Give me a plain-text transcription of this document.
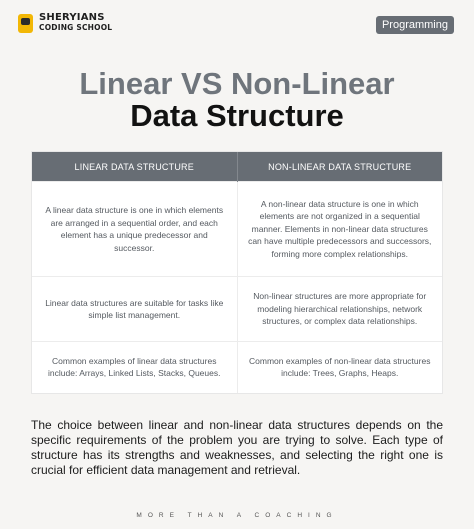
SHERYIANS
CODING SCHOOL	Programming
Linear VS Non-Linear
Data Structure
LINEAR DATA STRUCTURE	NON-LINEAR DATA STRUCTURE
A linear data structure is one in which elements are arranged in a sequential order, and each element has a unique predecessor and successor.	A non-linear data structure is one in which elements are not organized in a sequential manner. Elements in non-linear data structures can have multiple predecessors and successors, forming more complex relationships.
Linear data structures are suitable for tasks like simple list management.	Non-linear structures are more appropriate for modeling hierarchical relationships, network structures, or complex data relationships.
Common examples of linear data structures include: Arrays, Linked Lists, Stacks, Queues.	Common examples of non-linear data structures include: Trees, Graphs, Heaps.

The choice between linear and non-linear data structures depends on the specific requirements of the problem you are trying to solve. Each type of structure has its strengths and weaknesses, and selecting the right one is crucial for efficient data management and retrieval.

MORE THAN A COACHING
